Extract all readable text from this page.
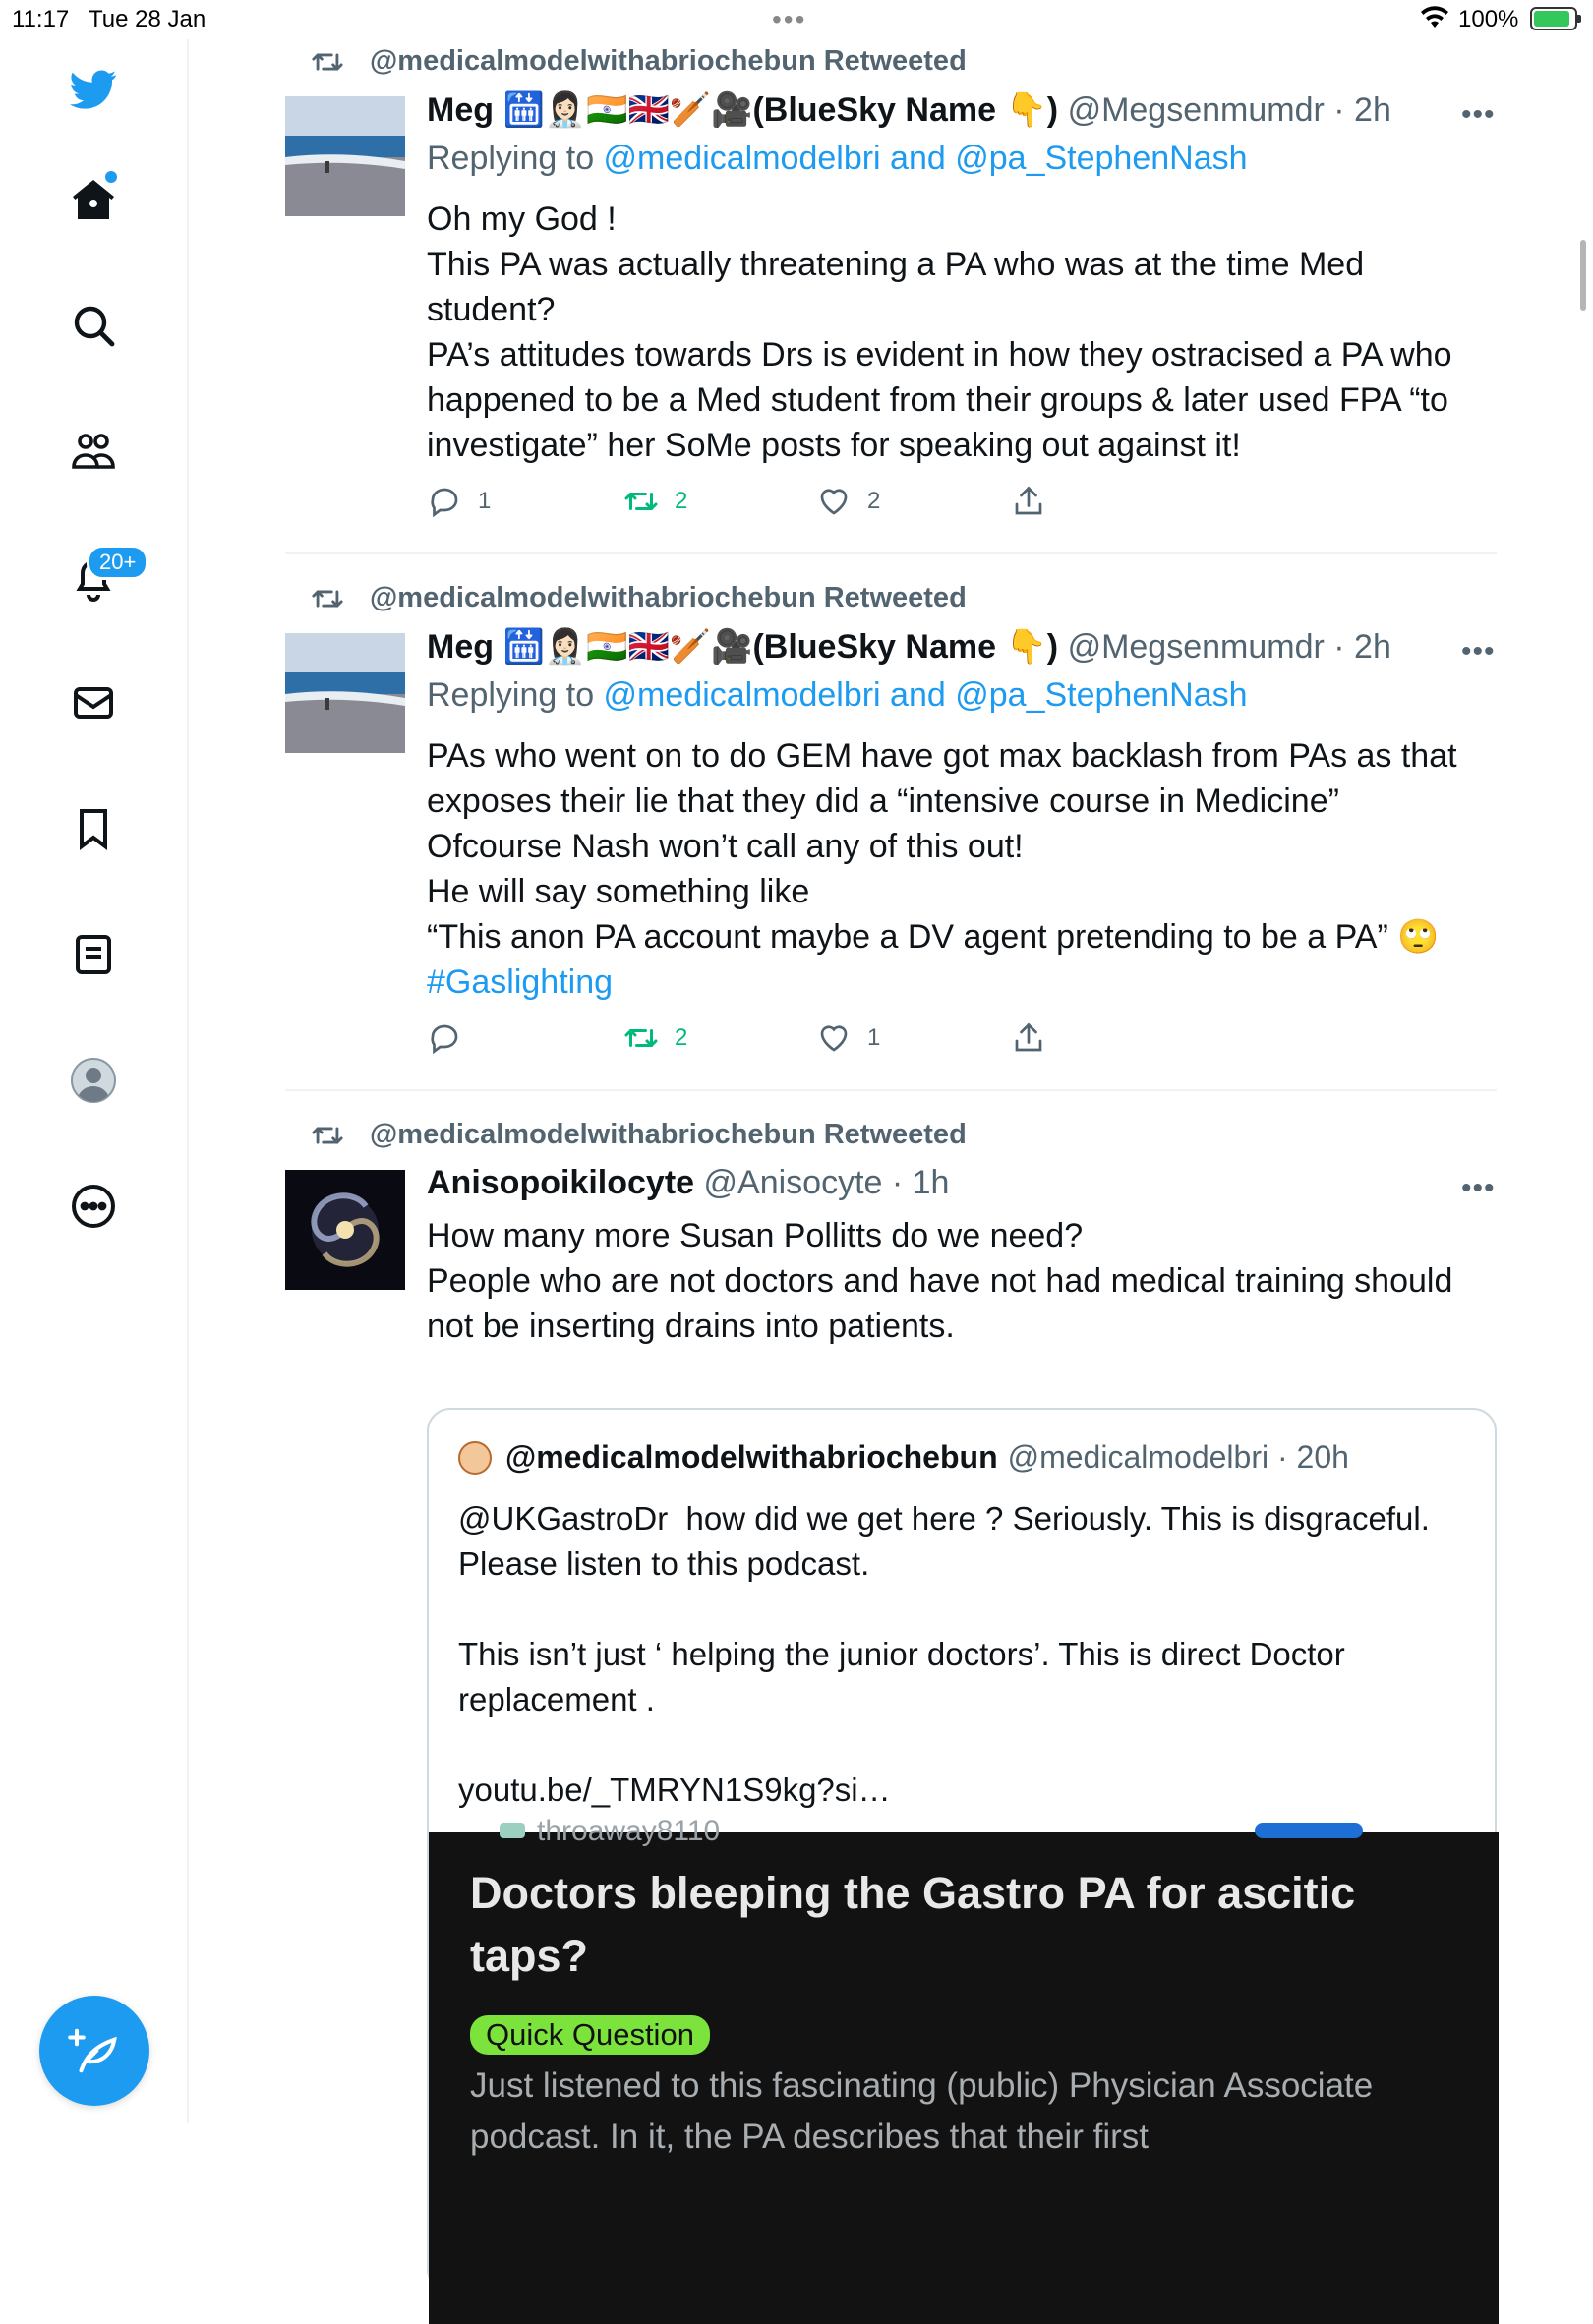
11:17 Tue 28 Jan	•••	100%
20+
@medicalmodelwithabriochebun Retweeted
Meg 🛗👩🏻‍⚕️🇮🇳🇬🇧🏏🎥(BlueSky Name 👇) @Megsenmumdr · 2h •••
Replying to @medicalmodelbri and @pa_StephenNash

Oh my God !
This PA was actually threatening a PA who was at the time Med student?
PA’s attitudes towards Drs is evident in how they ostracised a PA who happened to be a Med student from their groups & later used FPA “to investigate” her SoMe posts for speaking out against it!

1	2	2
@medicalmodelwithabriochebun Retweeted
Meg 🛗👩🏻‍⚕️🇮🇳🇬🇧🏏🎥(BlueSky Name 👇) @Megsenmumdr · 2h •••
Replying to @medicalmodelbri and @pa_StephenNash

PAs who went on to do GEM have got max backlash from PAs as that exposes their lie that they did a “intensive course in Medicine”
Ofcourse Nash won’t call any of this out!
He will say something like
“This anon PA account maybe a DV agent pretending to be a PA” 🙄

#Gaslighting

2	1
@medicalmodelwithabriochebun Retweeted
Anisopoikilocyte @Anisocyte · 1h	•••

How many more Susan Pollitts do we need?
People who are not doctors and have not had medical training should not be inserting drains into patients.

@medicalmodelwithabriochebun @medicalmodelbri · 20h
@UKGastroDr  how did we get here ? Seriously. This is disgraceful. Please listen to this podcast.

This isn’t just ‘ helping the junior doctors’. This is direct Doctor replacement .

youtu.be/_TMRYN1S9kg?si…
throaway8110
Doctors bleeping the Gastro PA for ascitic taps?
Quick Question
Just listened to this fascinating (public) Physician Associate podcast. In it, the PA describes that their first
